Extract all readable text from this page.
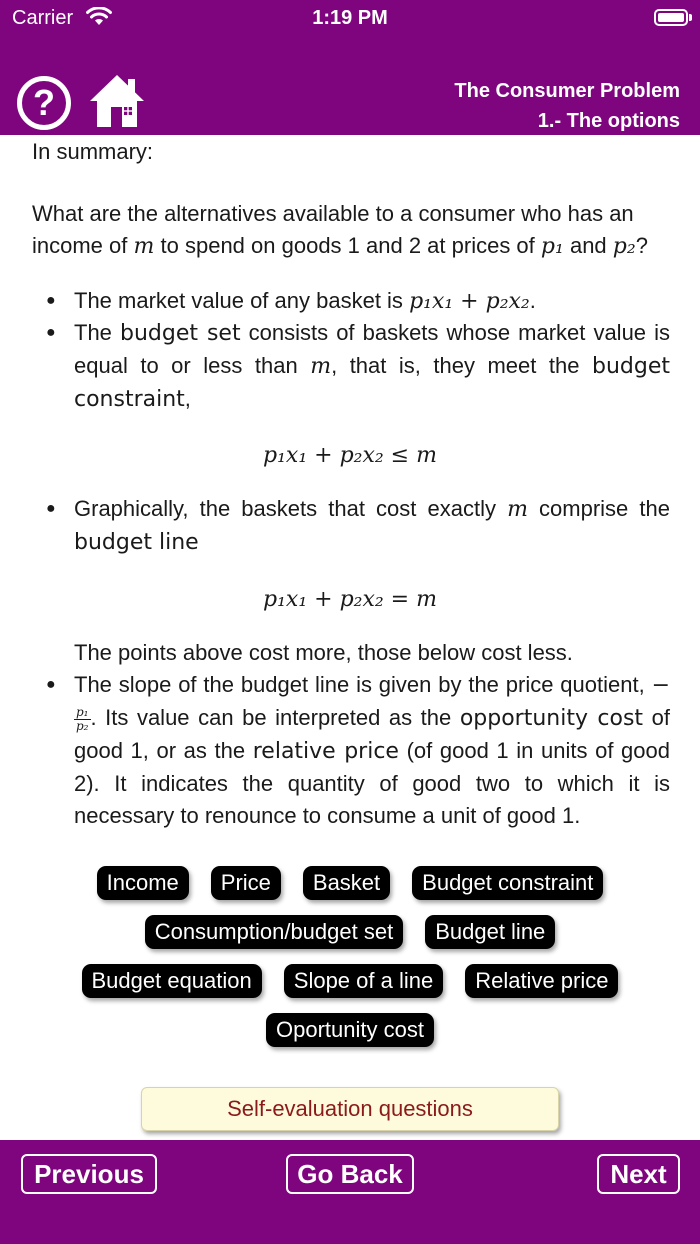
Carrier	1:19 PM
?	The Consumer Problem
1.- The options
In summary:
What are the alternatives available to a consumer who has an income of m to spend on goods 1 and 2 at prices of p₁ and p₂?
● The market value of any basket is p₁x₁ + p₂x₂.
● The budget set consists of baskets whose market value is equal to or less than m, that is, they meet the budget constraint,
p₁x₁ + p₂x₂ ≤ m
● Graphically, the baskets that cost exactly m comprise the budget line
p₁x₁ + p₂x₂ = m
The points above cost more, those below cost less.
● The slope of the budget line is given by the price quotient, −
$\frac{\text{p₁}}{\text{p₂}}$ . Its value can be interpreted as the opportunity cost of good 1, or as the relative price (of good 1 in units of good 2). It indicates the quantity of good two to which it is necessary to renounce to consume a unit of good 1.
Income	Price	Basket	Budget constraint
Consumption/budget set	Budget line
Budget equation	Slope of a line	Relative price
Oportunity cost
Self-evaluation questions
Previous	Go Back	Next
